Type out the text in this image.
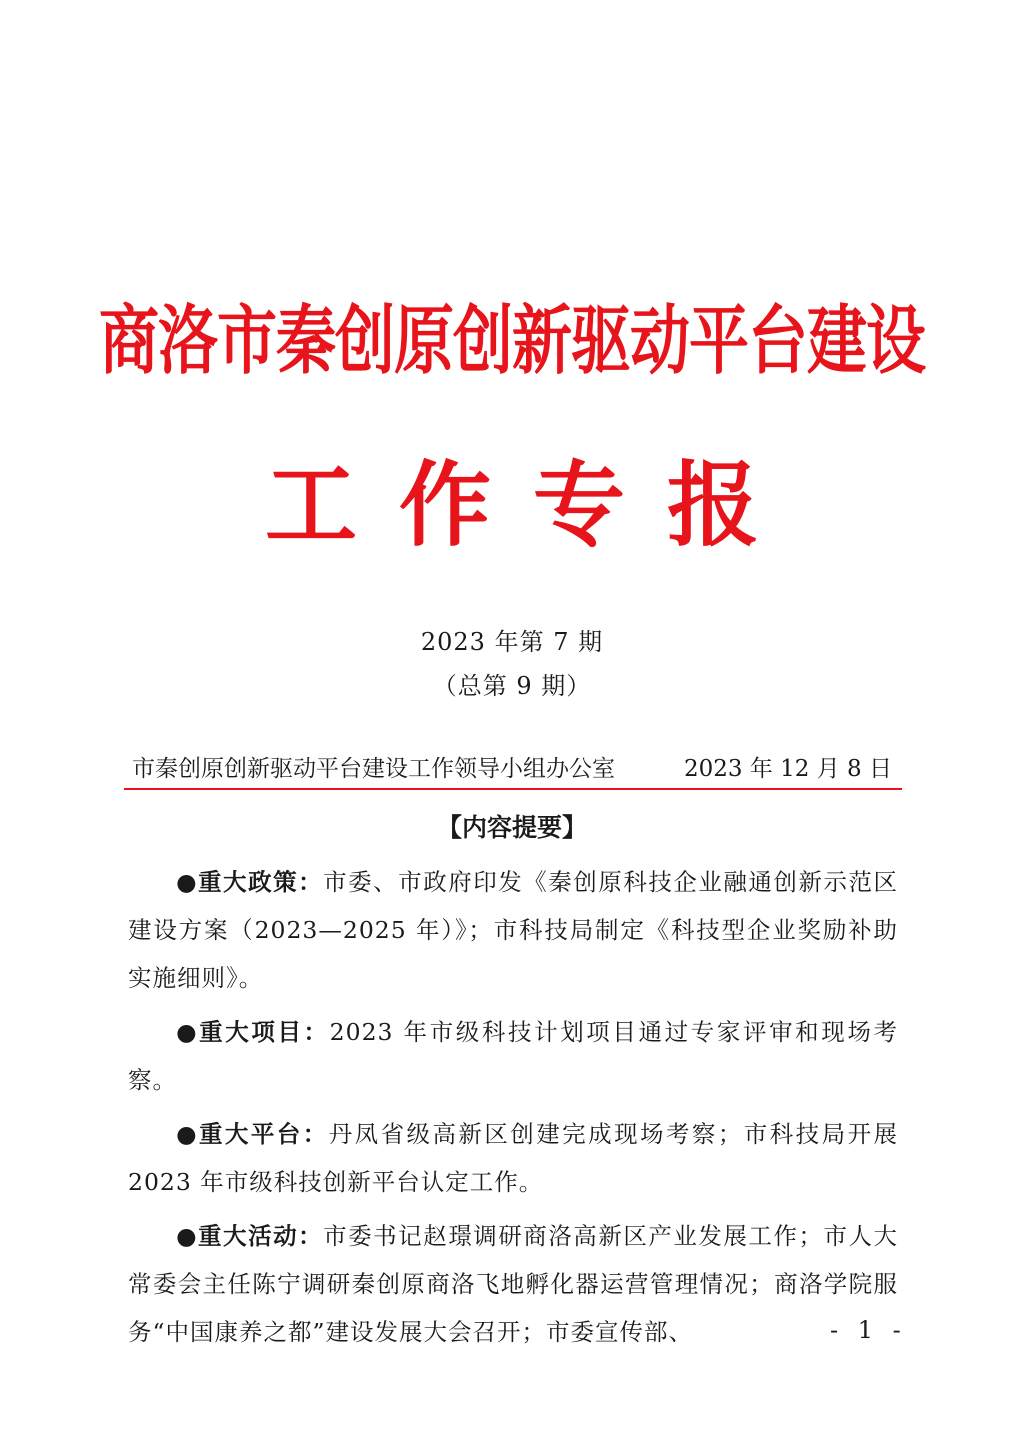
商洛市秦创原创新驱动平台建设
工作专报
2023 年第 7 期
（总第 9 期）
市秦创原创新驱动平台建设工作领导小组办公室	2023 年 12 月 8 日
【内容提要】

●重大政策：市委、市政府印发《秦创原科技企业融通创新示范区建设方案（2023—2025 年）》；市科技局制定《科技型企业奖励补助实施细则》。

●重大项目：2023 年市级科技计划项目通过专家评审和现场考察。

●重大平台：丹凤省级高新区创建完成现场考察；市科技局开展 2023 年市级科技创新平台认定工作。

●重大活动：市委书记赵璟调研商洛高新区产业发展工作；市人大常委会主任陈宁调研秦创原商洛飞地孵化器运营管理情况；商洛学院服务“中国康养之都”建设发展大会召开；市委宣传部、	- 1 -
